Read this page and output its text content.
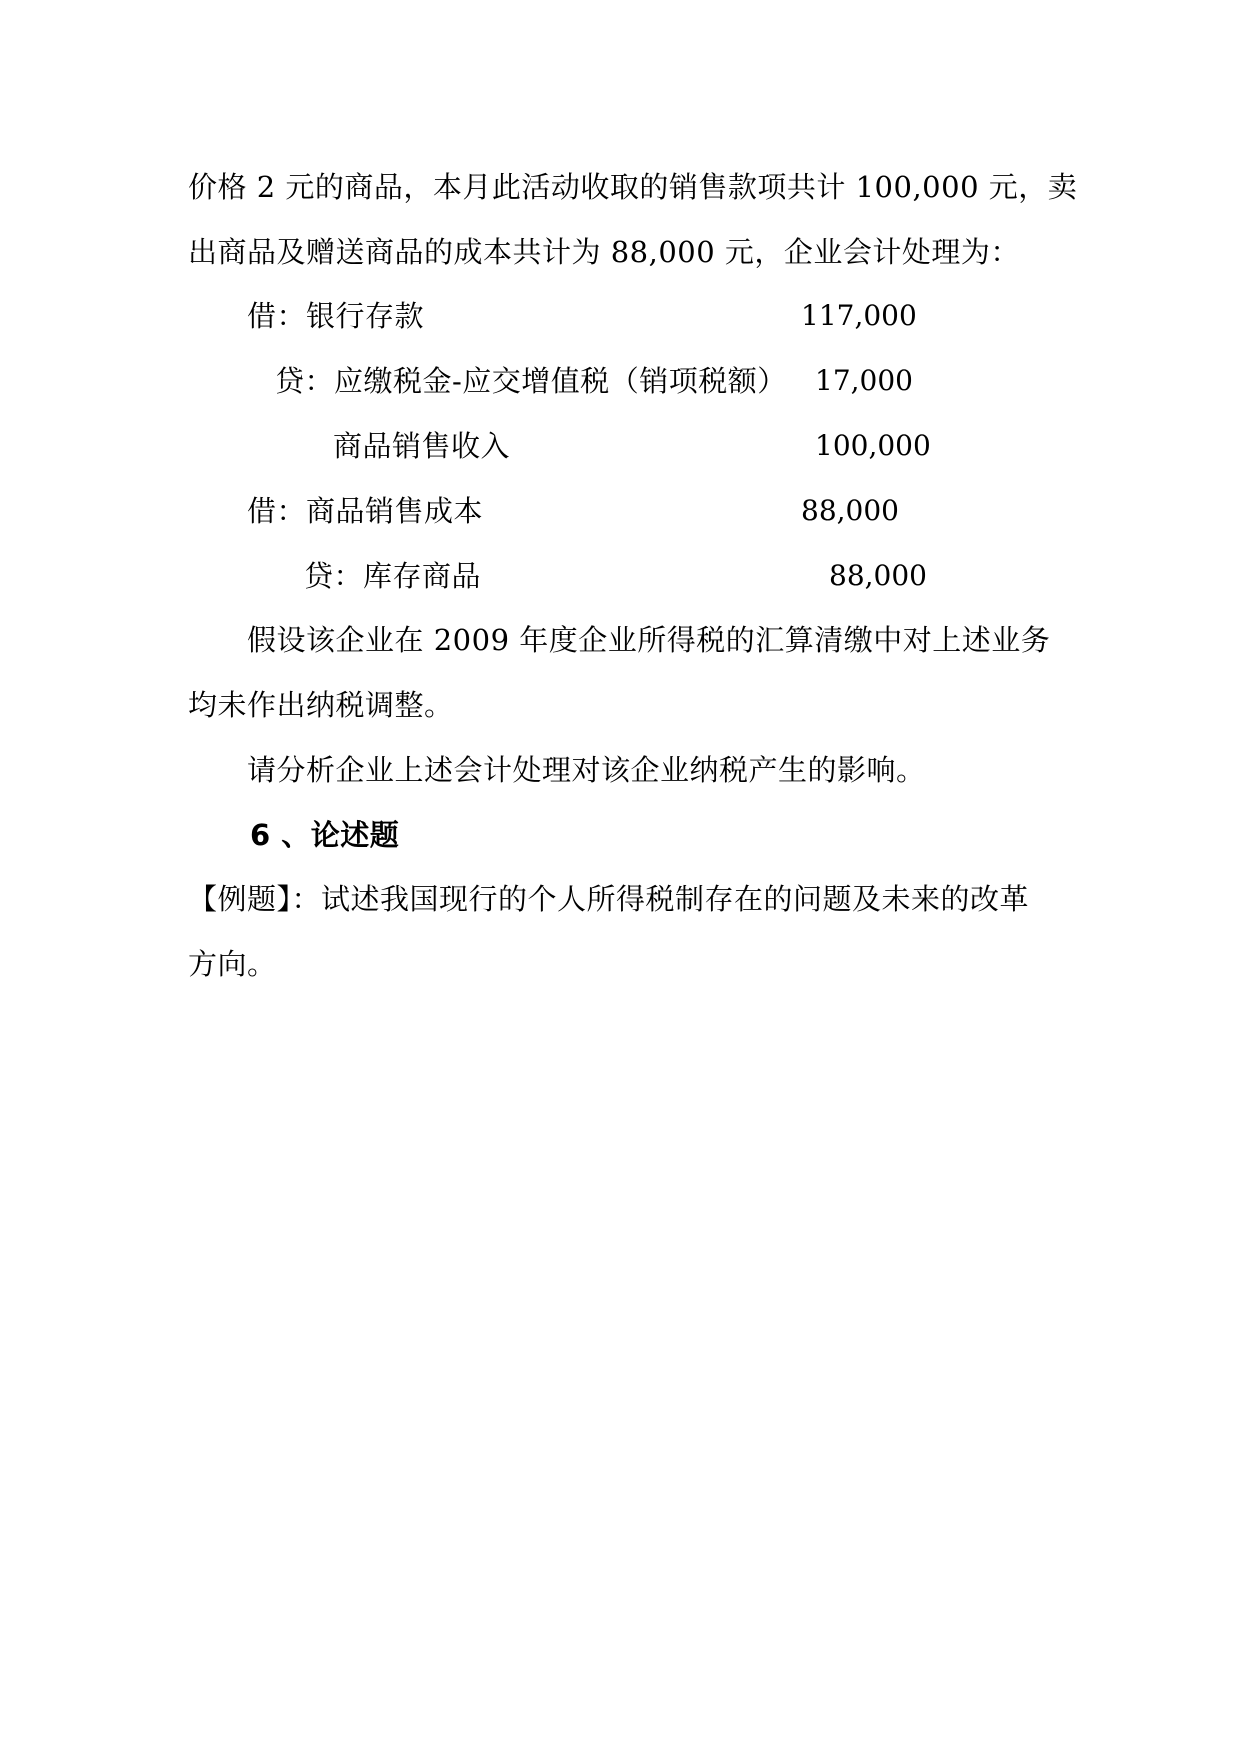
价格 2 元的商品，本月此活动收取的销售款项共计 100,000 元，卖
出商品及赠送商品的成本共计为 88,000 元，企业会计处理为：
借：银行存款	117,000
贷：应缴税金-应交增值税（销项税额） 17,000
商品销售收入	100,000
借：商品销售成本	88,000
贷：库存商品	88,000
假设该企业在 2009 年度企业所得税的汇算清缴中对上述业务
均未作出纳税调整。
请分析企业上述会计处理对该企业纳税产生的影响。
6 、论述题
【例题】：试述我国现行的个人所得税制存在的问题及未来的改革
方向。
